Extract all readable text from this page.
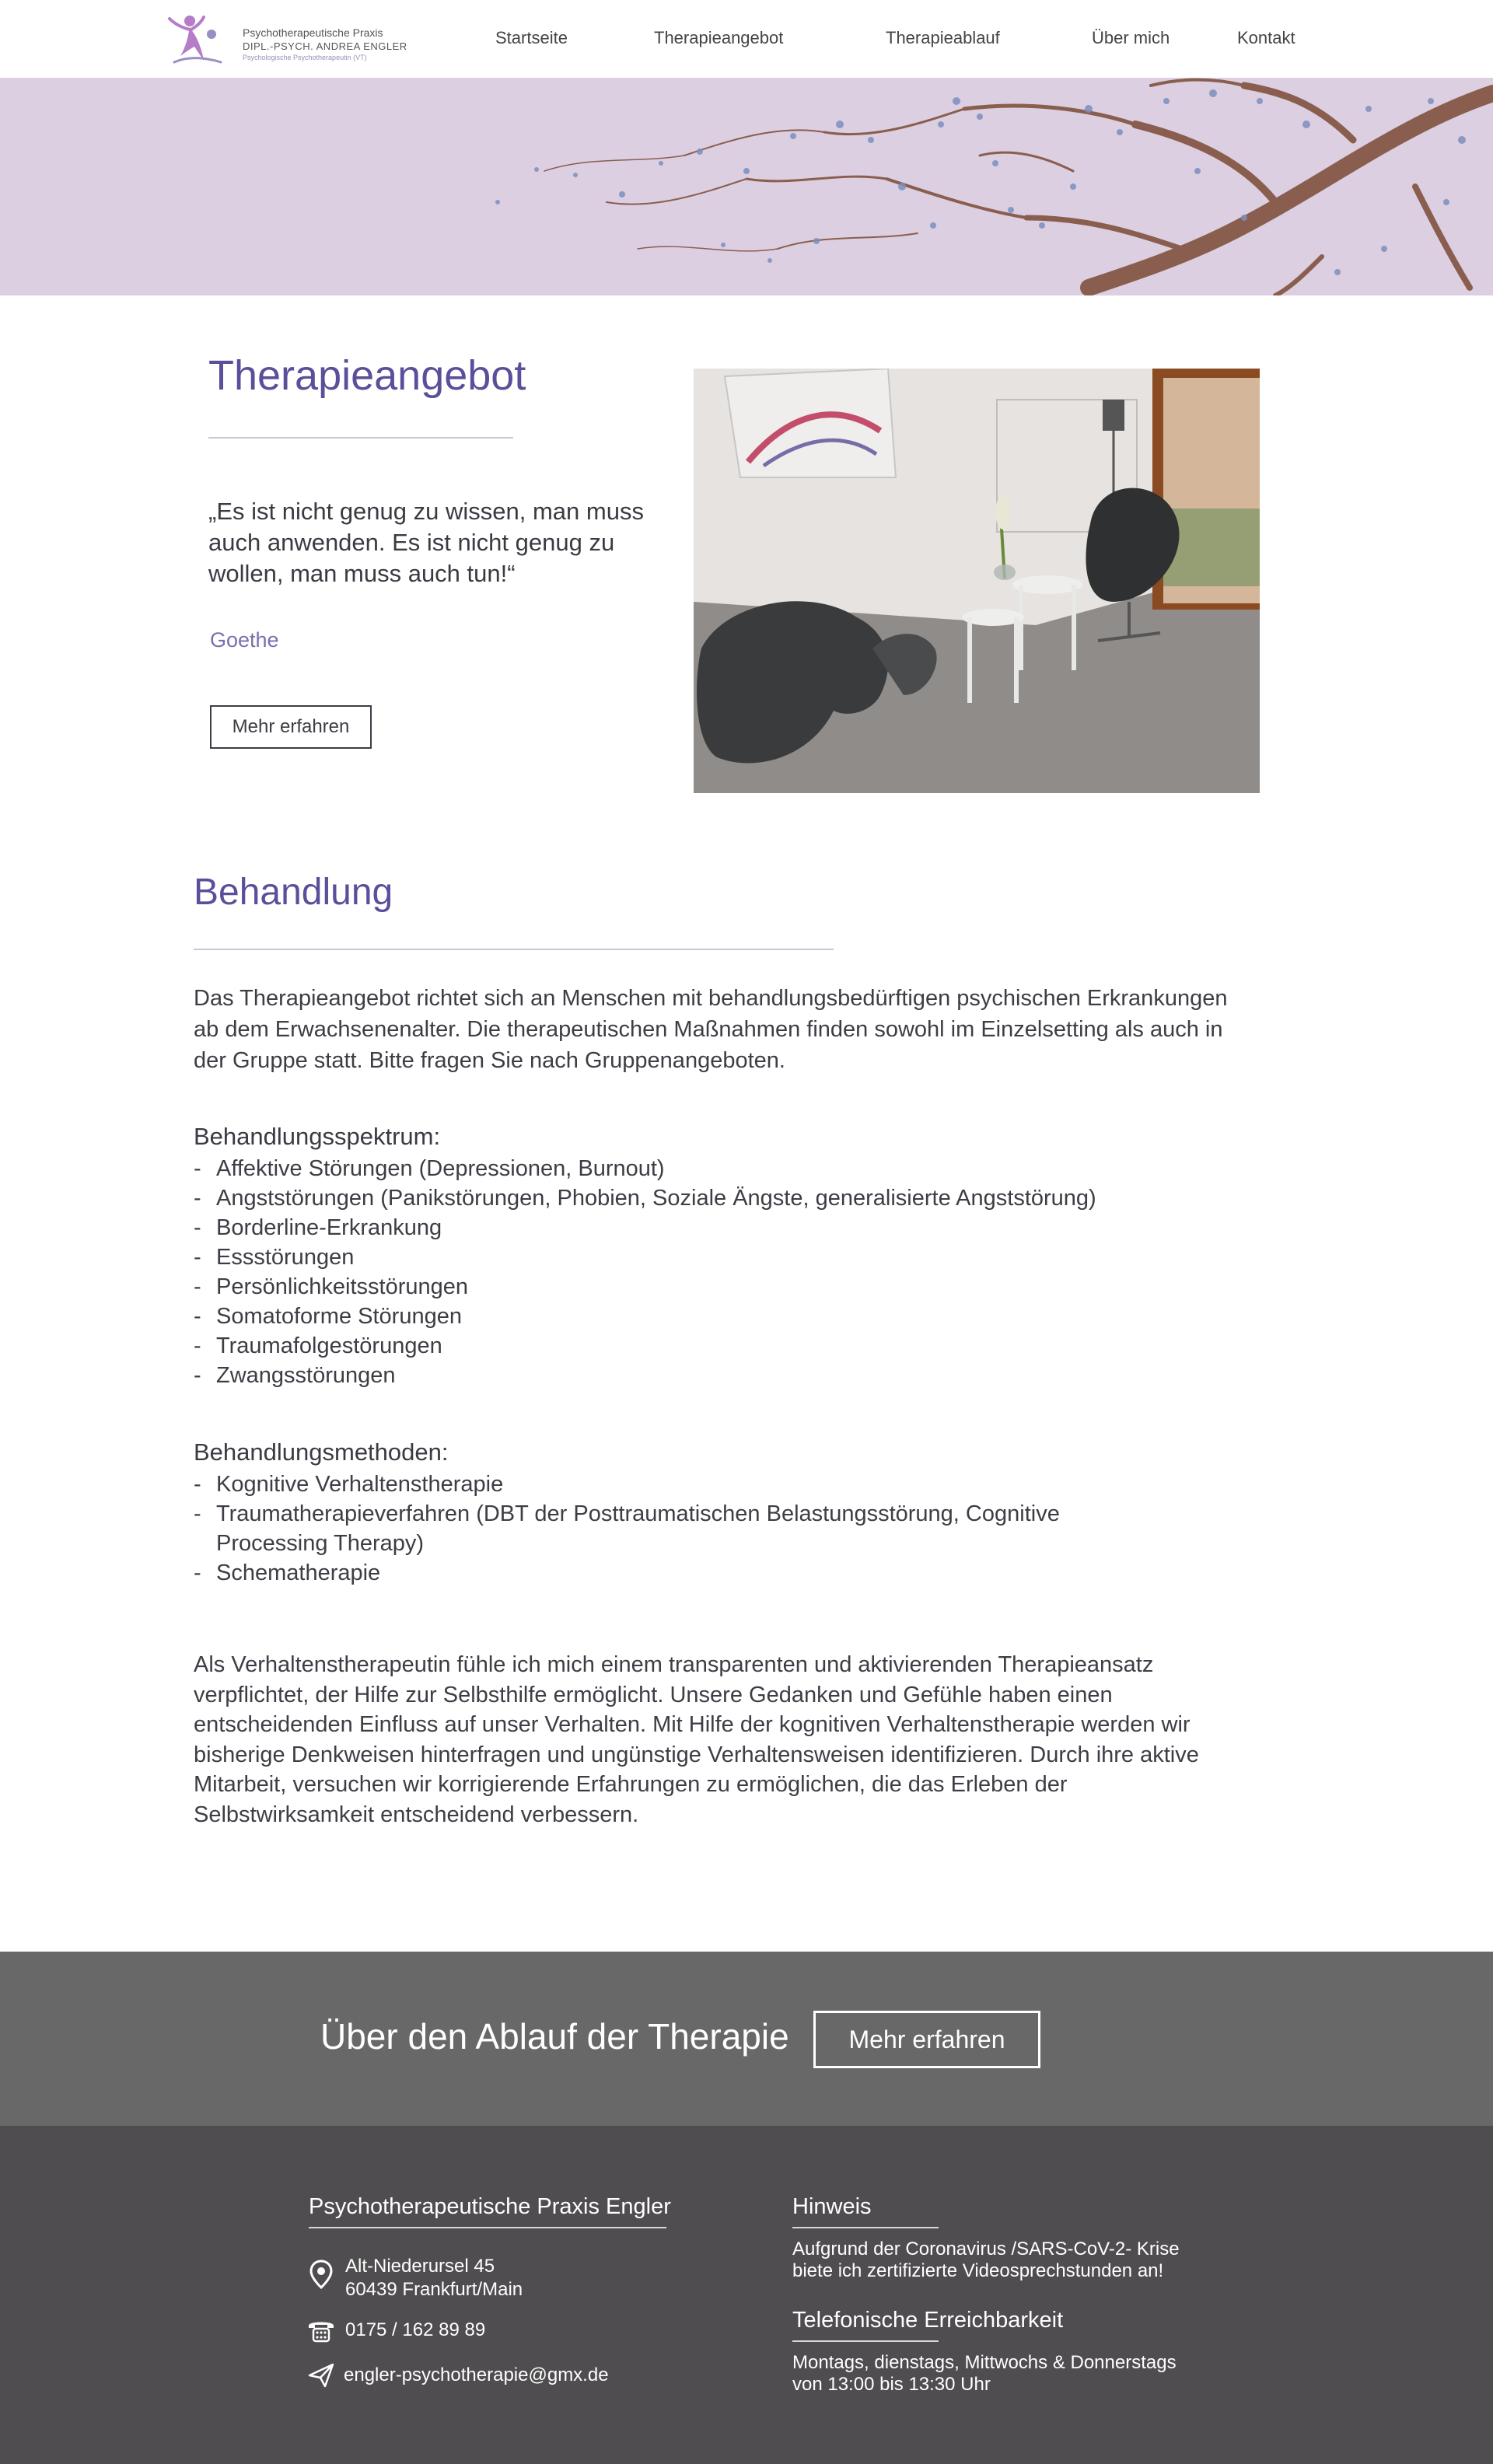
Psychotherapeutische Praxis
DIPL.-PSYCH. ANDREA ENGLER
Psychologische Psychotherapeutin (VT)
Startseite	Therapieangebot	Therapieablauf	Über mich	Kontakt
Therapieangebot

„Es ist nicht genug zu wissen, man muss auch anwenden. Es ist nicht genug zu wollen, man muss auch tun!“

Goethe

Mehr erfahren
Behandlung

Das Therapieangebot richtet sich an Menschen mit behandlungsbedürftigen psychischen Erkrankungen ab dem Erwachsenenalter. Die therapeutischen Maßnahmen finden sowohl im Einzelsetting als auch in der Gruppe statt. Bitte fragen Sie nach Gruppenangeboten.

Behandlungsspektrum:

- Affektive Störungen (Depressionen, Burnout)
- Angststörungen (Panikstörungen, Phobien, Soziale Ängste, generalisierte Angststörung)
- Borderline-Erkrankung
- Essstörungen
- Persönlichkeitsstörungen
- Somatoforme Störungen
- Traumafolgestörungen
- Zwangsstörungen

Behandlungsmethoden:

- Kognitive Verhaltenstherapie
- Traumatherapieverfahren (DBT der Posttraumatischen Belastungsstörung, Cognitive Processing Therapy)
- Schematherapie

Als Verhaltenstherapeutin fühle ich mich einem transparenten und aktivierenden Therapieansatz verpflichtet, der Hilfe zur Selbsthilfe ermöglicht. Unsere Gedanken und Gefühle haben einen entscheidenden Einfluss auf unser Verhalten. Mit Hilfe der kognitiven Verhaltenstherapie werden wir bisherige Denkweisen hinterfragen und ungünstige Verhaltensweisen identifizieren. Durch ihre aktive Mitarbeit, versuchen wir korrigierende Erfahrungen zu ermöglichen, die das Erleben der Selbstwirksamkeit entscheidend verbessern.

Über den Ablauf der Therapie	Mehr erfahren

Psychotherapeutische Praxis Engler

Alt-Niederursel 45

60439 Frankfurt/Main

0175 / 162 89 89

engler-psychotherapie@gmx.de

Hinweis

Aufgrund der Coronavirus /SARS-CoV-2- Krise

biete ich zertifizierte Videosprechstunden an!

Telefonische Erreichbarkeit

Montags, dienstags, Mittwochs & Donnerstags

von 13:00 bis 13:30 Uhr
